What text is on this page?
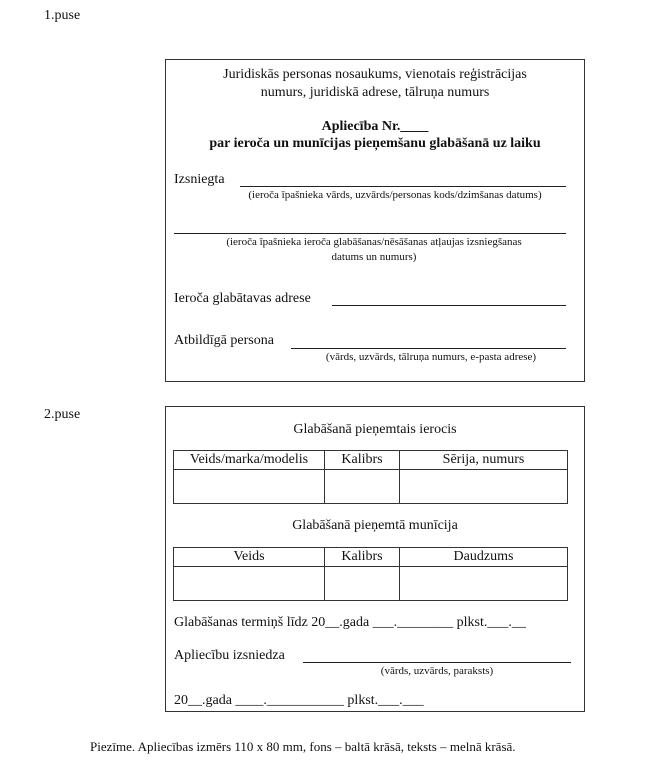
1.puse
Juridiskās personas nosaukums, vienotais reģistrācijas
numurs, juridiskā adrese, tālruņa numurs
Apliecība Nr.____
par ieroča un munīcijas pieņemšanu glabāšanā uz laiku
Izsniegta
(ieroča īpašnieka vārds, uzvārds/personas kods/dzimšanas datums)
(ieroča īpašnieka ieroča glabāšanas/nēsāšanas atļaujas izsniegšanas
datums un numurs)
Ieroča glabātavas adrese
Atbildīgā persona
(vārds, uzvārds, tālruņa numurs, e-pasta adrese)
2.puse
Glabāšanā pieņemtais ierocis
Veids/marka/modelis	Kalibrs	Sērija, numurs

Glabāšanā pieņemtā munīcija
Veids	Kalibrs	Daudzums

Glabāšanas termiņš līdz 20__.gada ___.________ plkst.___.__
Apliecību izsniedza
(vārds, uzvārds, paraksts)
20__.gada ____.___________ plkst.___.___
Piezīme. Apliecības izmērs 110 x 80 mm, fons – baltā krāsā, teksts – melnā krāsā.
